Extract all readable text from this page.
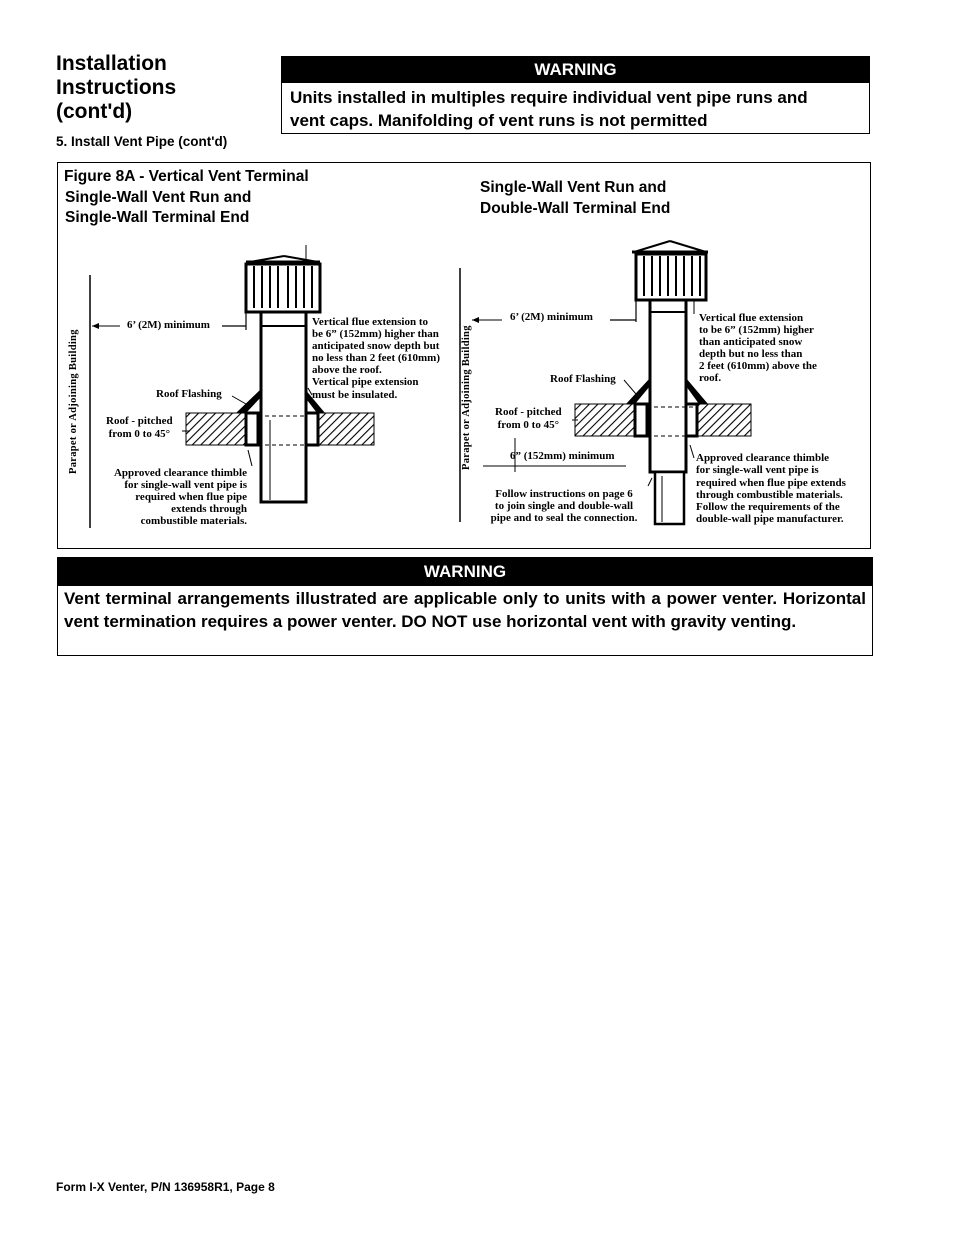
Installation
Instructions
(cont'd)
5. Install Vent Pipe (cont'd)
WARNING
Units installed in multiples require individual vent pipe runs and
vent caps. Manifolding of vent runs is not permitted
Figure 8A - Vertical Vent Terminal
Single-Wall Vent Run and
Single-Wall Terminal End
Single-Wall Vent Run and
Double-Wall Terminal End
Parapet or Adjoining Building
6’ (2M) minimum
Roof Flashing
Roof - pitched
from 0 to 45°
Vertical flue extension to
be 6” (152mm) higher than
anticipated snow depth but
no less than 2 feet (610mm)
above the roof.
Vertical pipe extension
must be insulated.
Approved clearance thimble
for single-wall vent pipe is
required when flue pipe
extends through
combustible materials.
Parapet or Adjoining Building
6’ (2M) minimum
Roof Flashing
Roof - pitched
from 0 to 45°
6” (152mm) minimum
Follow instructions on page 6
to join single and double-wall
pipe and to seal the connection.
Vertical flue extension
to be 6” (152mm) higher
than anticipated snow
depth but no less than
2 feet (610mm) above the
roof.
Approved clearance thimble
for single-wall vent pipe is
required when flue pipe extends
through combustible materials.
Follow the requirements of the
double-wall pipe manufacturer.
WARNING
Vent terminal arrangements illustrated are applicable only to units with a power venter. Horizontal vent termination requires a power venter. DO NOT use horizontal vent with gravity venting.
Form I-X Venter, P/N 136958R1, Page 8
